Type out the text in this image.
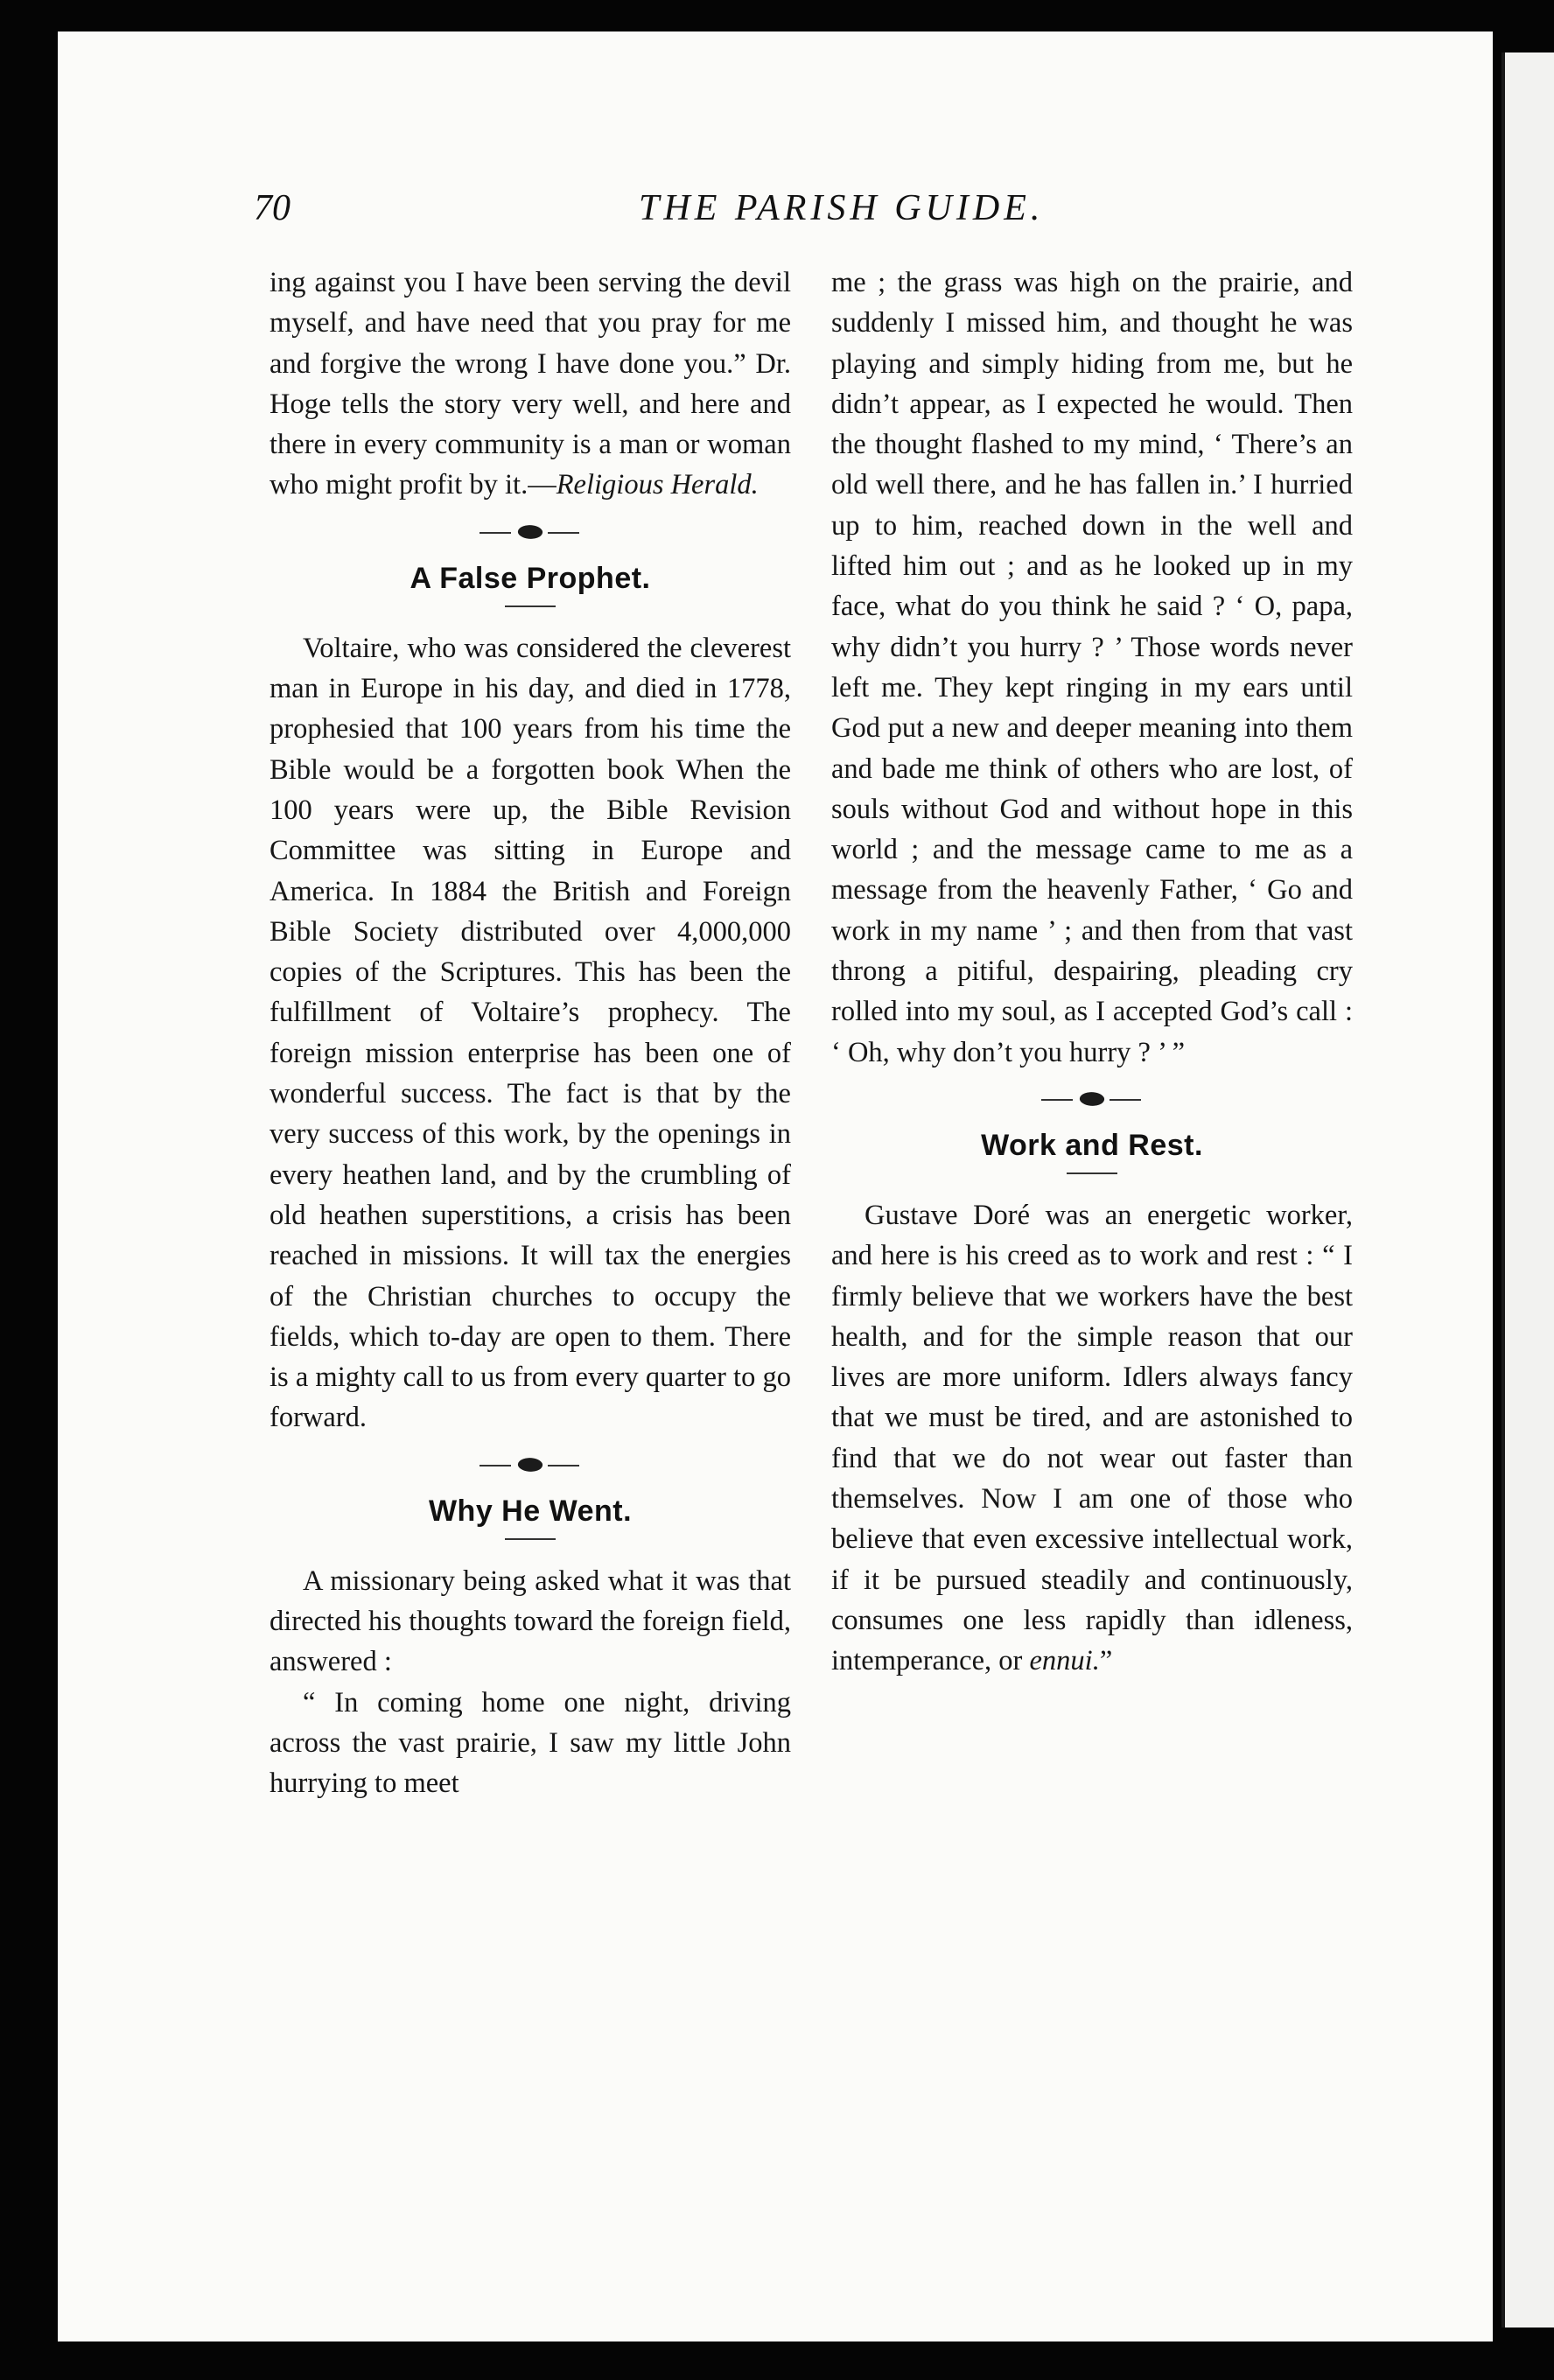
70	THE PARISH GUIDE.

ing against you I have been serving the devil myself, and have need that you pray for me and forgive the wrong I have done you.” Dr. Hoge tells the story very well, and here and there in every community is a man or woman who might profit by it.—Religious Herald.

A False Prophet.

Voltaire, who was considered the cleverest man in Europe in his day, and died in 1778, prophesied that 100 years from his time the Bible would be a forgotten book When the 100 years were up, the Bible Revision Committee was sitting in Europe and America. In 1884 the British and Foreign Bible Society distributed over 4,000,000 copies of the Scriptures. This has been the fulfillment of Voltaire’s prophecy. The foreign mission enterprise has been one of wonderful success. The fact is that by the very success of this work, by the openings in every heathen land, and by the crumbling of old heathen superstitions, a crisis has been reached in missions. It will tax the energies of the Christian churches to occupy the fields, which to-day are open to them. There is a mighty call to us from every quarter to go forward.

Why He Went.

A missionary being asked what it was that directed his thoughts toward the foreign field, answered :

“ In coming home one night, driving across the vast prairie, I saw my little John hurrying to meet

me ; the grass was high on the prairie, and suddenly I missed him, and thought he was playing and simply hiding from me, but he didn’t appear, as I expected he would. Then the thought flashed to my mind, ‘ There’s an old well there, and he has fallen in.’ I hurried up to him, reached down in the well and lifted him out ; and as he looked up in my face, what do you think he said ? ‘ O, papa, why didn’t you hurry ? ’ Those words never left me. They kept ringing in my ears until God put a new and deeper meaning into them and bade me think of others who are lost, of souls without God and without hope in this world ; and the message came to me as a message from the heavenly Father, ‘ Go and work in my name ’ ; and then from that vast throng a pitiful, despairing, pleading cry rolled into my soul, as I accepted God’s call : ‘ Oh, why don’t you hurry ? ’ ”

Work and Rest.

Gustave Doré was an energetic worker, and here is his creed as to work and rest : “ I firmly believe that we workers have the best health, and for the simple reason that our lives are more uniform. Idlers always fancy that we must be tired, and are astonished to find that we do not wear out faster than themselves. Now I am one of those who believe that even excessive intellectual work, if it be pursued steadily and continuously, consumes one less rapidly than idleness, intemperance, or ennui.”
